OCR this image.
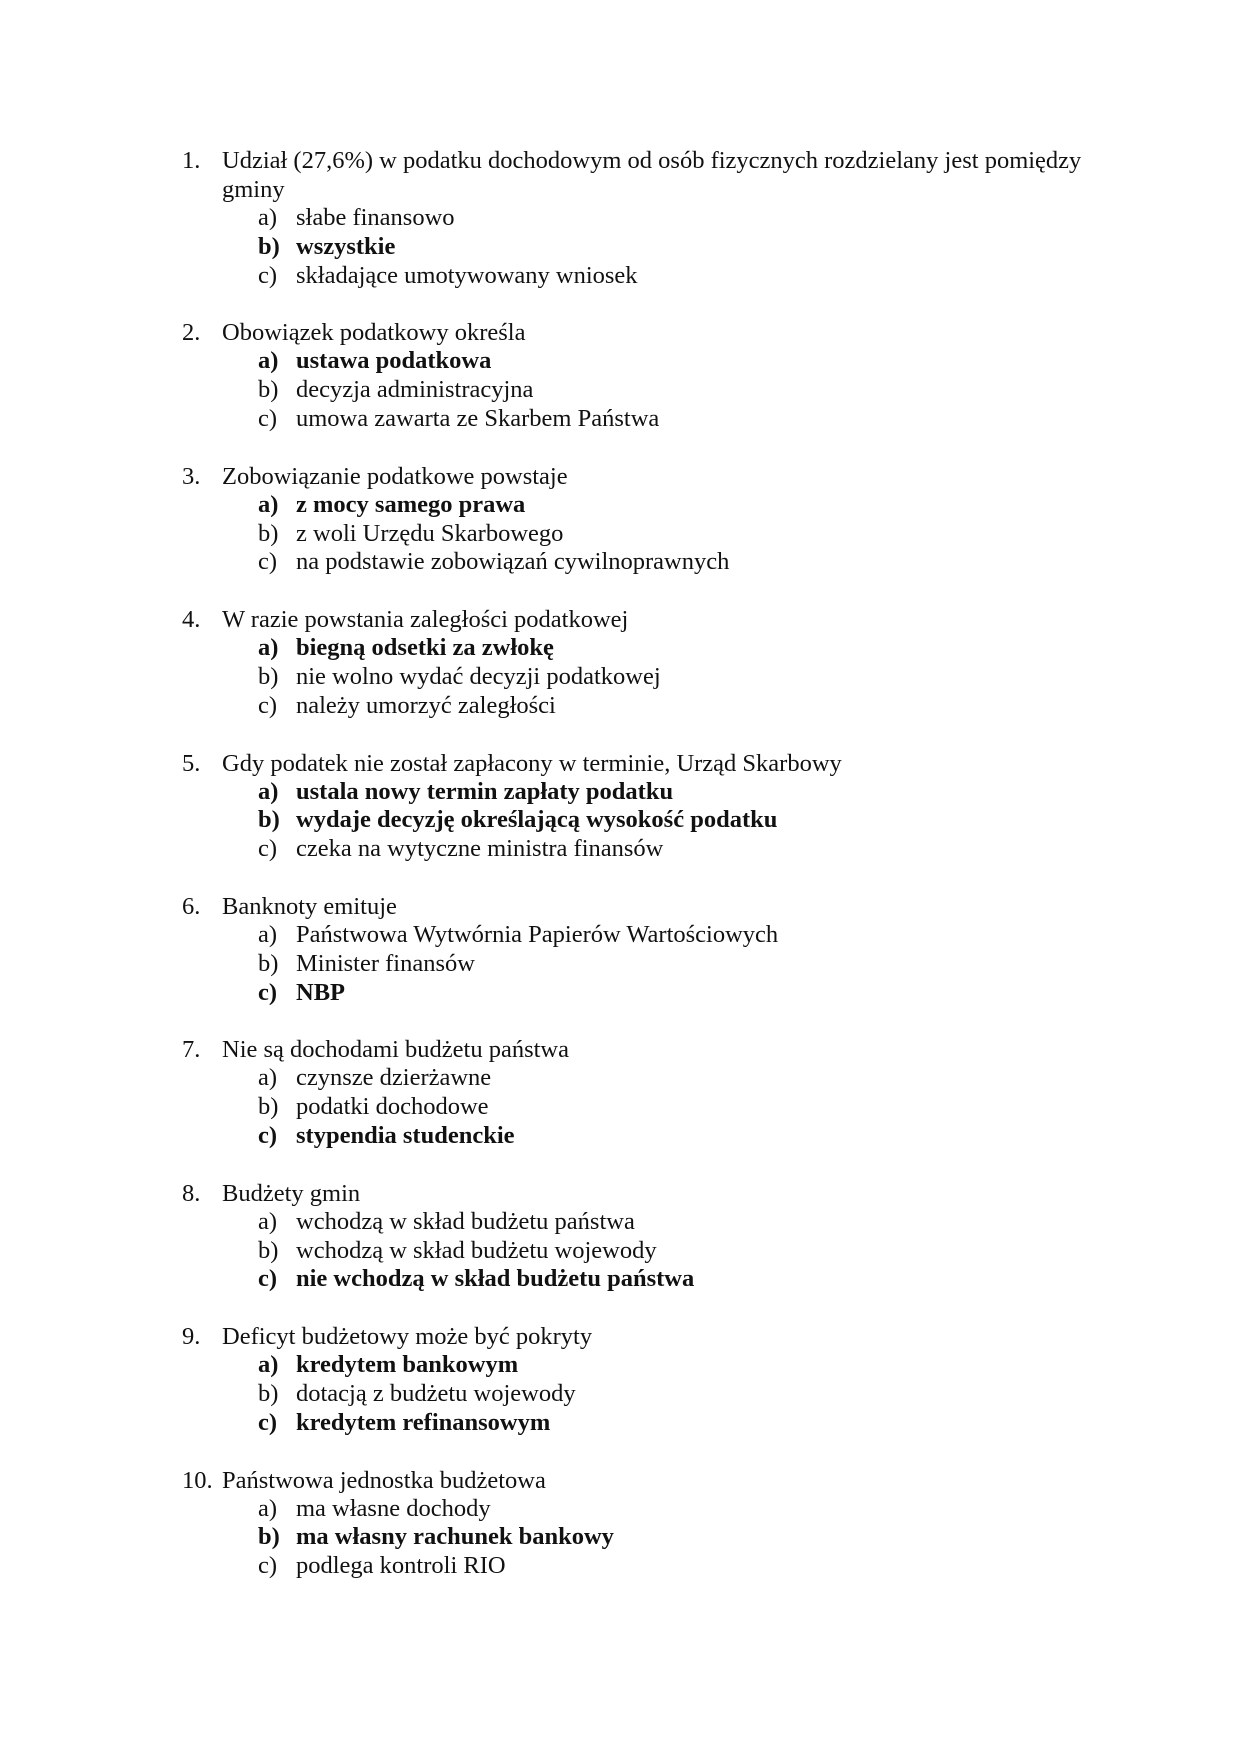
1. Udział (27,6%) w podatku dochodowym od osób fizycznych rozdzielany jest pomiędzy gminy
a) słabe finansowo
b) wszystkie
c) składające umotywowany wniosek
2. Obowiązek podatkowy określa
a) ustawa podatkowa
b) decyzja administracyjna
c) umowa zawarta ze Skarbem Państwa
3. Zobowiązanie podatkowe powstaje
a) z mocy samego prawa
b) z woli Urzędu Skarbowego
c) na podstawie zobowiązań cywilnoprawnych
4. W razie powstania zaległości podatkowej
a) biegną odsetki za zwłokę
b) nie wolno wydać decyzji podatkowej
c) należy umorzyć zaległości
5. Gdy podatek nie został zapłacony w terminie, Urząd Skarbowy
a) ustala nowy termin zapłaty podatku
b) wydaje decyzję określającą wysokość podatku
c) czeka na wytyczne ministra finansów
6. Banknoty emituje
a) Państwowa Wytwórnia Papierów Wartościowych
b) Minister finansów
c) NBP
7. Nie są dochodami budżetu państwa
a) czynsze dzierżawne
b) podatki dochodowe
c) stypendia studenckie
8. Budżety gmin
a) wchodzą w skład budżetu państwa
b) wchodzą w skład budżetu wojewody
c) nie wchodzą w skład budżetu państwa
9. Deficyt budżetowy może być pokryty
a) kredytem bankowym
b) dotacją z budżetu wojewody
c) kredytem refinansowym
10. Państwowa jednostka budżetowa
a) ma własne dochody
b) ma własny rachunek bankowy
c) podlega kontroli RIO
